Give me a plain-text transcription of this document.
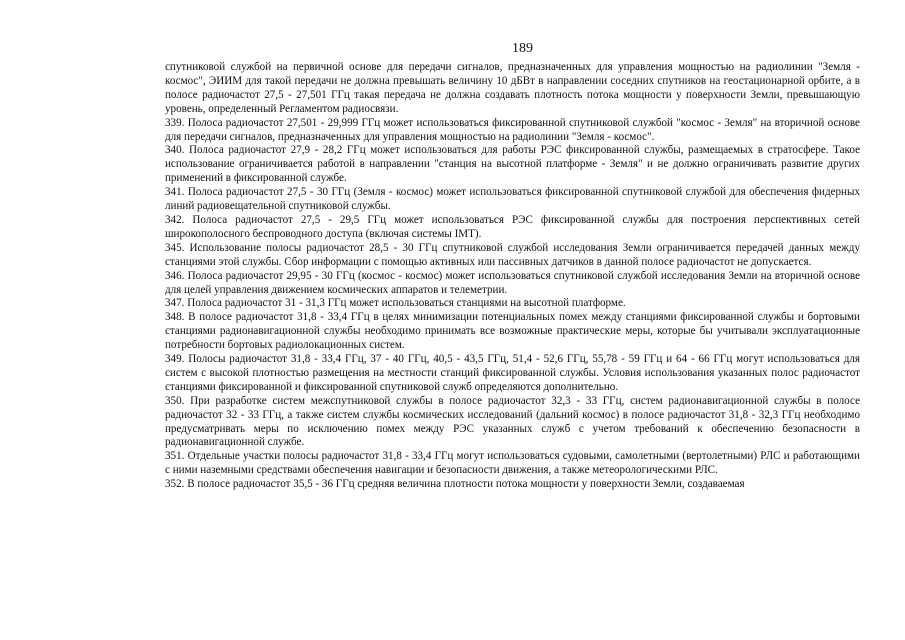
189

спутниковой службой на первичной основе для передачи сигналов, предназначенных для управления мощностью на радиолинии "Земля - космос", ЭИИМ для такой передачи не должна превышать величину 10 дБВт в направлении соседних спутников на геостационарной орбите, а в полосе радиочастот 27,5 - 27,501 ГГц такая передача не должна создавать плотность потока мощности у поверхности Земли, превышающую уровень, определенный Регламентом радиосвязи.

339. Полоса радиочастот 27,501 - 29,999 ГГц может использоваться фиксированной спутниковой службой "космос - Земля" на вторичной основе для передачи сигналов, предназначенных для управления мощностью на радиолинии "Земля - космос".

340. Полоса радиочастот 27,9 - 28,2 ГГц может использоваться для работы РЭС фиксированной службы, размещаемых в стратосфере. Такое использование ограничивается работой в направлении "станция на высотной платформе - Земля" и не должно ограничивать развитие других применений в фиксированной службе.

341. Полоса радиочастот 27,5 - 30 ГГц (Земля - космос) может использоваться фиксированной спутниковой службой для обеспечения фидерных линий радиовещательной спутниковой службы.

342. Полоса радиочастот 27,5 - 29,5 ГГц может использоваться РЭС фиксированной службы для построения перспективных сетей широкополосного беспроводного доступа (включая системы IMT).

345. Использование полосы радиочастот 28,5 - 30 ГГц спутниковой службой исследования Земли ограничивается передачей данных между станциями этой службы. Сбор информации с помощью активных или пассивных датчиков в данной полосе радиочастот не допускается.

346. Полоса радиочастот 29,95 - 30 ГГц (космос - космос) может использоваться спутниковой службой исследования Земли на вторичной основе для целей управления движением космических аппаратов и телеметрии.

347. Полоса радиочастот 31 - 31,3 ГГц может использоваться станциями на высотной платформе.

348. В полосе радиочастот 31,8 - 33,4 ГГц в целях минимизации потенциальных помех между станциями фиксированной службы и бортовыми станциями радионавигационной службы необходимо принимать все возможные практические меры, которые бы учитывали эксплуатационные потребности бортовых радиолокационных систем.

349. Полосы радиочастот 31,8 - 33,4 ГГц, 37 - 40 ГГц, 40,5 - 43,5 ГГц, 51,4 - 52,6 ГГц, 55,78 - 59 ГГц и 64 - 66 ГГц могут использоваться для систем с высокой плотностью размещения на местности станций фиксированной службы. Условия использования указанных полос радиочастот станциями фиксированной и фиксированной спутниковой служб определяются дополнительно.

350. При разработке систем межспутниковой службы в полосе радиочастот 32,3 - 33 ГГц, систем радионавигационной службы в полосе радиочастот 32 - 33 ГГц, а также систем службы космических исследований (дальний космос) в полосе радиочастот 31,8 - 32,3 ГГц необходимо предусматривать меры по исключению помех между РЭС указанных служб с учетом требований к обеспечению безопасности в радионавигационной службе.

351. Отдельные участки полосы радиочастот 31,8 - 33,4 ГГц могут использоваться судовыми, самолетными (вертолетными) РЛС и работающими с ними наземными средствами обеспечения навигации и безопасности движения, а также метеорологическими РЛС.

352. В полосе радиочастот 35,5 - 36 ГГц средняя величина плотности потока мощности у поверхности Земли, создаваемая
